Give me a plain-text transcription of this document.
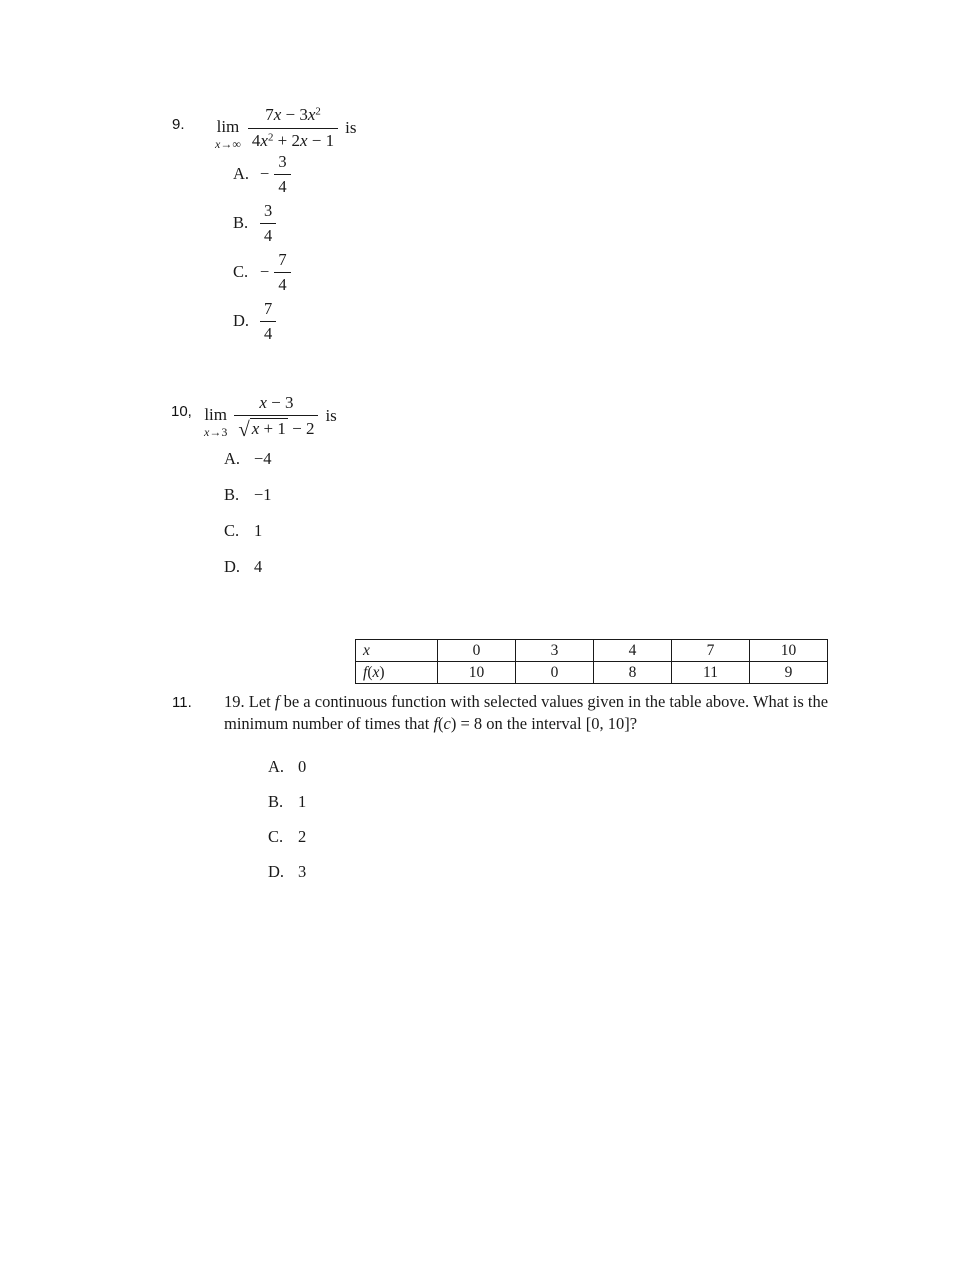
9. lim
$x\to\infty \frac{7x - 3x^2}{4x^2 + 2x - 1}$ is
A. − $\frac{3}{4}$
B. $\frac{3}{4}$
C. − $\frac{7}{4}$
D. $\frac{7}{4}$
10, lim
$x\to 3 \frac{x - 3}{√ x + 1 - 2}$ is
A. −4
B. −1
C. 1
D. 4
x	0	3	4	7	10
f(x)	10	0	8	11	9
11. 19. Let f be a continuous function with selected values given in the table above. What is the
minimum number of times that f(c) = 8 on the interval [0, 10]?
A. 0
B. 1
C. 2
D. 3
